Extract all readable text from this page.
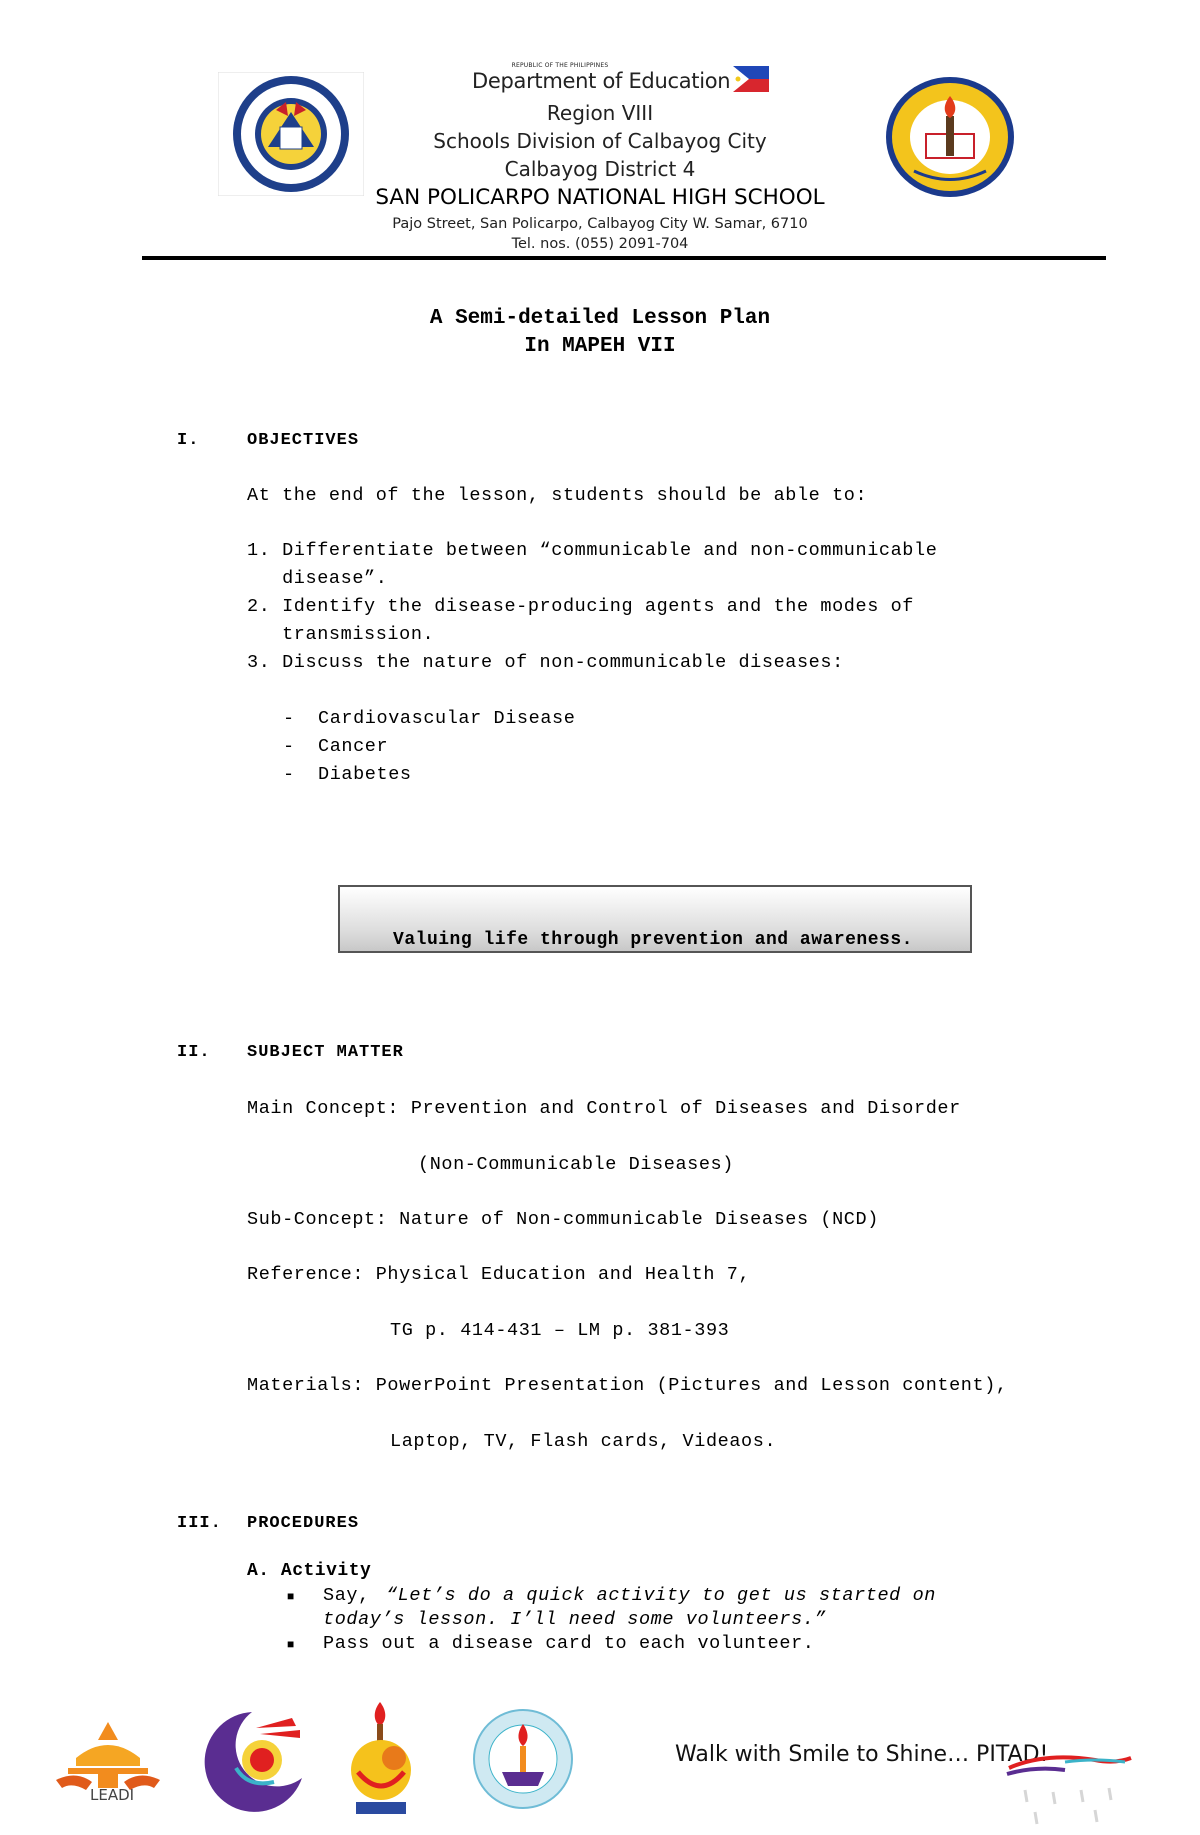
REPUBLIC OF THE PHILIPPINES
Department of Education
Region VIII
Schools Division of Calbayog City
Calbayog District 4
SAN POLICARPO NATIONAL HIGH SCHOOL
Pajo Street, San Policarpo, Calbayog City W. Samar, 6710
Tel. nos. (055) 2091-704
A Semi-detailed Lesson Plan
In MAPEH VII
I.	OBJECTIVES
At the end of the lesson, students should be able to:
1. Differentiate between “communicable and non-communicable
disease”.
2. Identify the disease-producing agents and the modes of
transmission.
3. Discuss the nature of non-communicable diseases:
- Cardiovascular Disease
- Cancer
- Diabetes
Valuing life through prevention and awareness.
II. SUBJECT MATTER
Main Concept: Prevention and Control of Diseases and Disorder
(Non-Communicable Diseases)
Sub-Concept: Nature of Non-communicable Diseases (NCD)
Reference: Physical Education and Health 7,
TG p. 414-431 – LM p. 381-393
Materials: PowerPoint Presentation (Pictures and Lesson content),
Laptop, TV, Flash cards, Videaos.
III. PROCEDURES
A. Activity
■ Say, “Let’s do a quick activity to get us started on
today’s lesson. I’ll need some volunteers.”
■ Pass out a disease card to each volunteer.
LEADI
Walk with Smile to Shine… PITAD!
